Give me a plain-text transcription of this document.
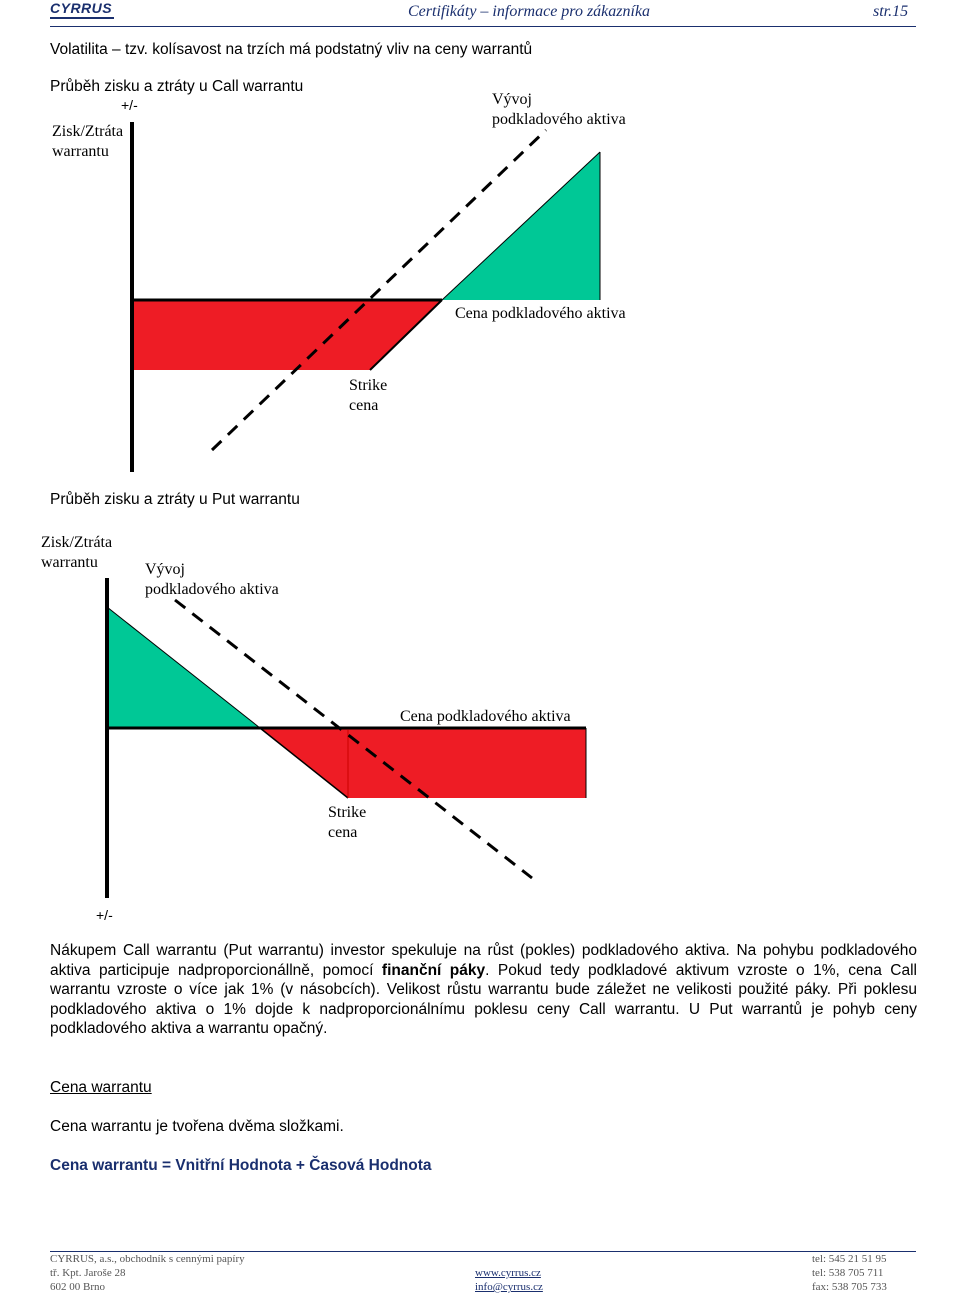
CYRRUS	Certifikáty – informace pro zákazníka	str.15
Volatilita – tzv. kolísavost na trzích má podstatný vliv na ceny warrantů
Průběh zisku a ztráty u Call warrantu
+/-
Zisk/Ztráta
warrantu
Vývoj
podkladového aktiva
Cena podkladového aktiva
Strike
cena
Průběh zisku a ztráty u Put warrantu
Zisk/Ztráta
warrantu	Vývoj
podkladového aktiva
Cena podkladového aktiva
Strike
cena
+/-
Nákupem Call warrantu (Put warrantu) investor spekuluje na růst (pokles) podkladového aktiva. Na pohybu podkladového aktiva participuje nadproporcionállně, pomocí finanční páky. Pokud tedy podkladové aktivum vzroste o 1%, cena Call warrantu vzroste o více jak 1% (v násobcích). Velikost růstu warrantu bude záležet ne velikosti použité páky. Při poklesu podkladového aktiva o 1% dojde k nadproporcionálnímu poklesu ceny Call warrantu. U Put warrantů je pohyb ceny podkladového aktiva a warrantu opačný.
Cena warrantu
Cena warrantu je tvořena dvěma složkami.
Cena warrantu = Vnitřní Hodnota + Časová Hodnota
CYRRUS, a.s., obchodník s cennými papíry
tř. Kpt. Jaroše 28
602 00 Brno
www.cyrrus.cz
info@cyrrus.cz
tel: 545 21 51 95
tel: 538 705 711
fax: 538 705 733
